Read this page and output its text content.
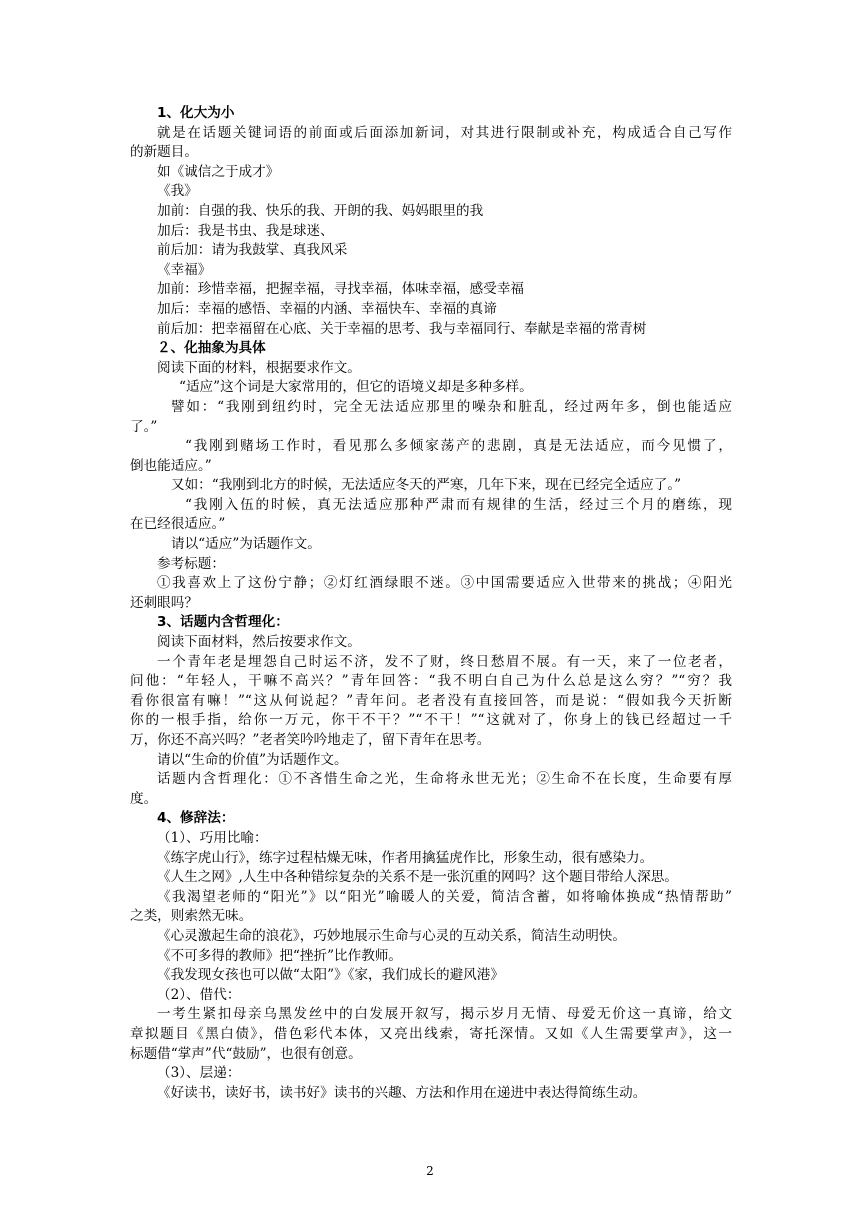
1、化大为小
就是在话题关键词语的前面或后面添加新词，对其进行限制或补充，构成适合自己写作
的新题目。
如《诚信之于成才》
《我》
加前：自强的我、快乐的我、开朗的我、妈妈眼里的我
加后：我是书虫、我是球迷、
前后加：请为我鼓掌、真我风采
《幸福》
加前：珍惜幸福，把握幸福，寻找幸福，体味幸福，感受幸福
加后：幸福的感悟、幸福的内涵、幸福快车、幸福的真谛
前后加：把幸福留在心底、关于幸福的思考、我与幸福同行、奉献是幸福的常青树
２、化抽象为具体
阅读下面的材料，根据要求作文。
“适应”这个词是大家常用的，但它的语境义却是多种多样。
譬如：“我刚到纽约时，完全无法适应那里的噪杂和脏乱，经过两年多，倒也能适应
了。”
“我刚到赌场工作时，看见那么多倾家荡产的悲剧，真是无法适应，而今见惯了，
倒也能适应。”
又如：“我刚到北方的时候，无法适应冬天的严寒，几年下来，现在已经完全适应了。”
“我刚入伍的时候，真无法适应那种严肃而有规律的生活，经过三个月的磨练，现
在已经很适应。”
请以“适应”为话题作文。
参考标题：
①我喜欢上了这份宁静；②灯红酒绿眼不迷。③中国需要适应入世带来的挑战；④阳光
还刺眼吗？
3、话题内含哲理化：
阅读下面材料，然后按要求作文。
一个青年老是埋怨自己时运不济，发不了财，终日愁眉不展。有一天，来了一位老者，
问他：“年轻人，干嘛不高兴？”青年回答：“我不明白自己为什么总是这么穷？”“穷？我
看你很富有嘛！”“这从何说起？”青年问。老者没有直接回答，而是说：“假如我今天折断
你的一根手指，给你一万元，你干不干？”“不干！”“这就对了，你身上的钱已经超过一千
万，你还不高兴吗？”老者笑吟吟地走了，留下青年在思考。
请以“生命的价值”为话题作文。
话题内含哲理化：①不吝惜生命之光，生命将永世无光；②生命不在长度，生命要有厚
度。
4、修辞法：
（1）、巧用比喻：
《练字虎山行》，练字过程枯燥无味，作者用擒猛虎作比，形象生动，很有感染力。
《人生之网》,人生中各种错综复杂的关系不是一张沉重的网吗？这个题目带给人深思。
《我渴望老师的“阳光”》以“阳光”喻暖人的关爱，简洁含蓄，如将喻体换成“热情帮助”
之类，则索然无味。
《心灵激起生命的浪花》，巧妙地展示生命与心灵的互动关系，简洁生动明快。
《不可多得的教师》把“挫折”比作教师。
《我发现女孩也可以做“太阳”》《家，我们成长的避风港》
（2）、借代：
一考生紧扣母亲乌黑发丝中的白发展开叙写，揭示岁月无情、母爱无价这一真谛，给文
章拟题目《黑白债》，借色彩代本体，又亮出线索，寄托深情。又如《人生需要掌声》，这一
标题借“掌声”代“鼓励”，也很有创意。
（3）、层递：
《好读书，读好书，读书好》读书的兴趣、方法和作用在递进中表达得简练生动。
2
